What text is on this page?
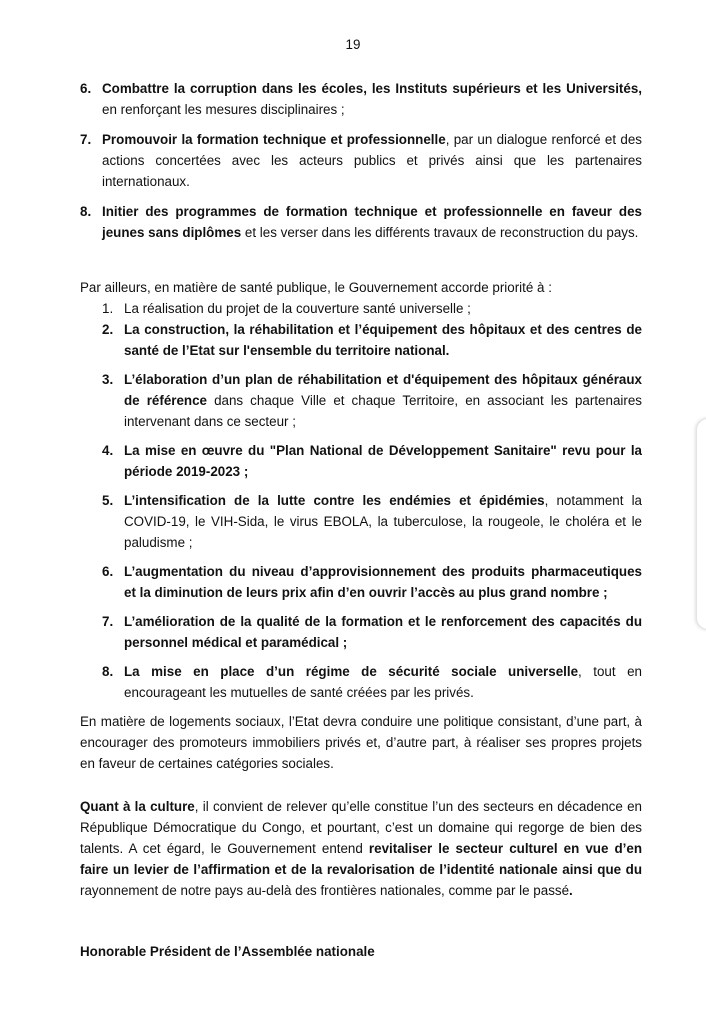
19
6. Combattre la corruption dans les écoles, les Instituts supérieurs et les Universités, en renforçant les mesures disciplinaires ;
7. Promouvoir la formation technique et professionnelle, par un dialogue renforcé et des actions concertées avec les acteurs publics et privés ainsi que les partenaires internationaux.
8. Initier des programmes de formation technique et professionnelle en faveur des jeunes sans diplômes et les verser dans les différents travaux de reconstruction du pays.

Par ailleurs, en matière de santé publique, le Gouvernement accorde priorité à :

1. La réalisation du projet de la couverture santé universelle ;
2. La construction, la réhabilitation et l’équipement des hôpitaux et des centres de santé de l’Etat sur l'ensemble du territoire national.
3. L’élaboration d’un plan de réhabilitation et d'équipement des hôpitaux généraux de référence dans chaque Ville et chaque Territoire, en associant les partenaires intervenant dans ce secteur ;
4. La mise en œuvre du "Plan National de Développement Sanitaire" revu pour la période 2019-2023 ;
5. L’intensification de la lutte contre les endémies et épidémies, notamment la COVID-19, le VIH-Sida, le virus EBOLA, la tuberculose, la rougeole, le choléra et le paludisme ;
6. L’augmentation du niveau d’approvisionnement des produits pharmaceutiques et la diminution de leurs prix afin d’en ouvrir l’accès au plus grand nombre ;
7. L’amélioration de la qualité de la formation et le renforcement des capacités du personnel médical et paramédical ;
8. La mise en place d’un régime de sécurité sociale universelle, tout en encourageant les mutuelles de santé créées par les privés.

En matière de logements sociaux, l’Etat devra conduire une politique consistant, d’une part, à encourager des promoteurs immobiliers privés et, d’autre part, à réaliser ses propres projets en faveur de certaines catégories sociales.

Quant à la culture, il convient de relever qu’elle constitue l’un des secteurs en décadence en République Démocratique du Congo, et pourtant, c’est un domaine qui regorge de bien des talents. A cet égard, le Gouvernement entend revitaliser le secteur culturel en vue d’en faire un levier de l’affirmation et de la revalorisation de l’identité nationale ainsi que du rayonnement de notre pays au-delà des frontières nationales, comme par le passé.

Honorable Président de l’Assemblée nationale
